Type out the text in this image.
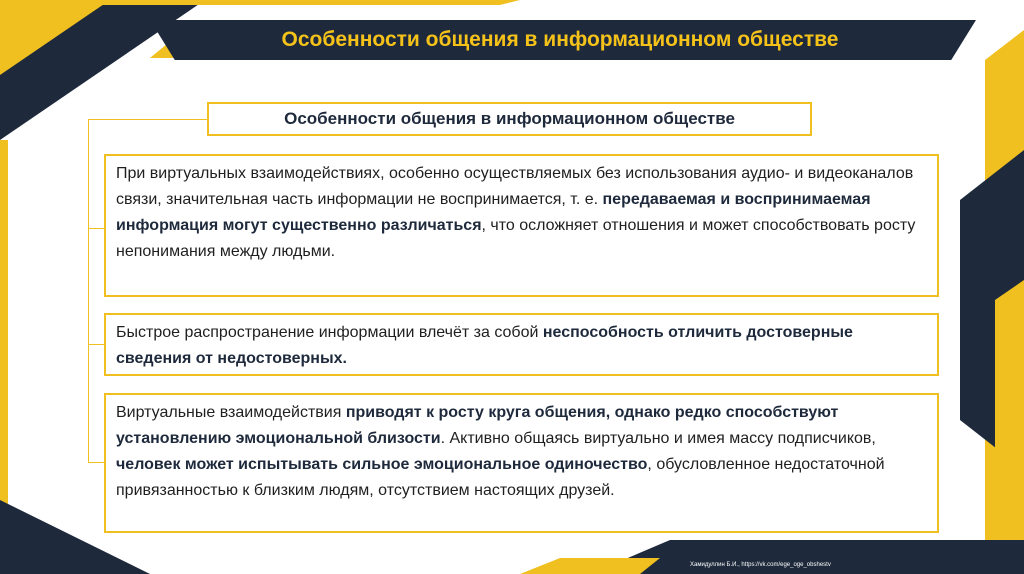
Особенности общения в информационном обществе
Особенности общения в информационном обществе
При виртуальных взаимодействиях, особенно осуществляемых без использования аудио- и видеоканалов связи, значительная часть информации не воспринимается, т. е. передаваемая и воспринимаемая информация могут существенно различаться, что осложняет отношения и может способствовать росту непонимания между людьми.
Быстрое распространение информации влечёт за собой неспособность отличить достоверные сведения от недостоверных.
Виртуальные взаимодействия приводят к росту круга общения, однако редко способствуют установлению эмоциональной близости. Активно общаясь виртуально и имея массу подписчиков, человек может испытывать сильное эмоциональное одиночество, обусловленное недостаточной привязанностью к близким людям, отсутствием настоящих друзей.
Хамидуллин Б.И., https://vk.com/ege_oge_obshestv
